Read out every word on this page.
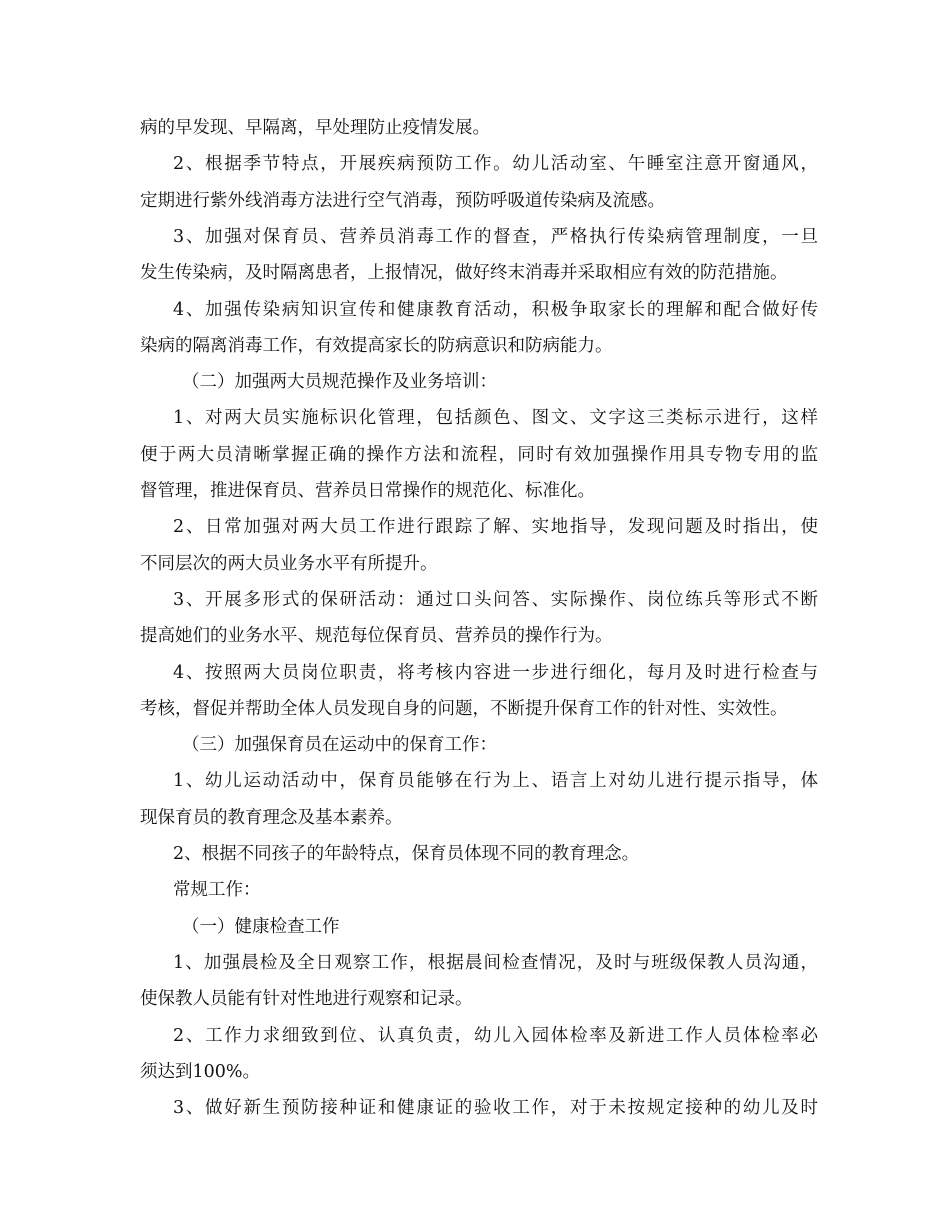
病的早发现、早隔离，早处理防止疫情发展。
2、根据季节特点，开展疾病预防工作。幼儿活动室、午睡室注意开窗通风，
定期进行紫外线消毒方法进行空气消毒，预防呼吸道传染病及流感。
3、加强对保育员、营养员消毒工作的督查，严格执行传染病管理制度，一旦
发生传染病，及时隔离患者，上报情况，做好终末消毒并采取相应有效的防范措施。
4、加强传染病知识宣传和健康教育活动，积极争取家长的理解和配合做好传
染病的隔离消毒工作，有效提高家长的防病意识和防病能力。
（二）加强两大员规范操作及业务培训：
1、对两大员实施标识化管理，包括颜色、图文、文字这三类标示进行，这样
便于两大员清晰掌握正确的操作方法和流程，同时有效加强操作用具专物专用的监
督管理，推进保育员、营养员日常操作的规范化、标准化。
2、日常加强对两大员工作进行跟踪了解、实地指导，发现问题及时指出，使
不同层次的两大员业务水平有所提升。
3、开展多形式的保研活动：通过口头问答、实际操作、岗位练兵等形式不断
提高她们的业务水平、规范每位保育员、营养员的操作行为。
4、按照两大员岗位职责，将考核内容进一步进行细化，每月及时进行检查与
考核，督促并帮助全体人员发现自身的问题，不断提升保育工作的针对性、实效性。
（三）加强保育员在运动中的保育工作：
1、幼儿运动活动中，保育员能够在行为上、语言上对幼儿进行提示指导，体
现保育员的教育理念及基本素养。
2、根据不同孩子的年龄特点，保育员体现不同的教育理念。
常规工作：
（一）健康检查工作
1、加强晨检及全日观察工作，根据晨间检查情况，及时与班级保教人员沟通，
使保教人员能有针对性地进行观察和记录。
2、工作力求细致到位、认真负责，幼儿入园体检率及新进工作人员体检率必
须达到100%。
3、做好新生预防接种证和健康证的验收工作，对于未按规定接种的幼儿及时
